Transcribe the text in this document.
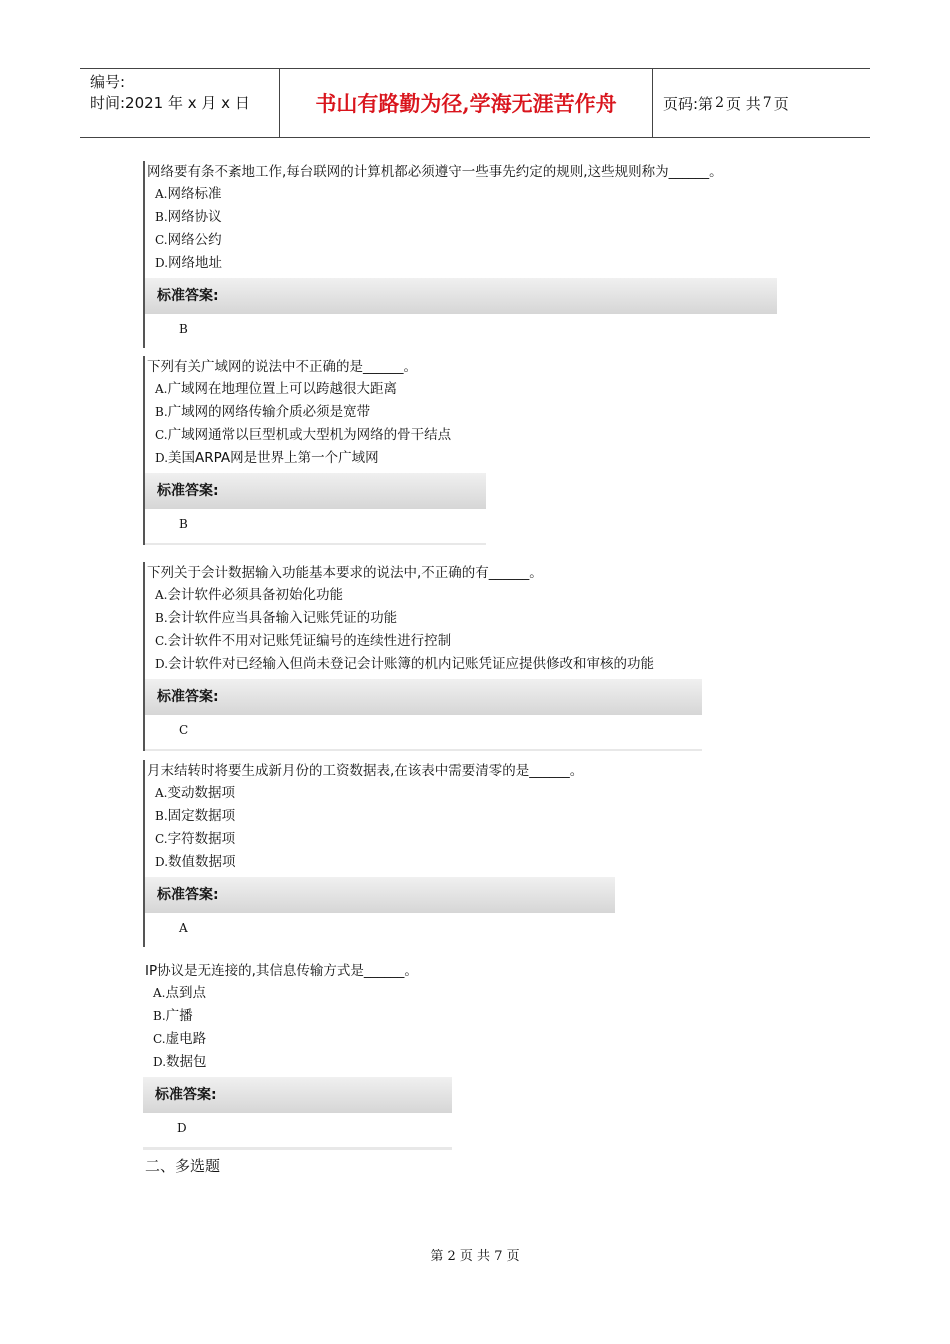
编号:
时间:2021 年 x 月 x 日	书山有路勤为径,学海无涯苦作舟	页码:第 2 页 共 7 页
网络要有条不紊地工作,每台联网的计算机都必须遵守一些事先约定的规则,这些规则称为______。
A.网络标准
B.网络协议
C.网络公约
D.网络地址
标准答案:
B
下列有关广域网的说法中不正确的是______。
A.广域网在地理位置上可以跨越很大距离
B.广域网的网络传输介质必须是宽带
C.广域网通常以巨型机或大型机为网络的骨干结点
D.美国ARPA网是世界上第一个广域网
标准答案:
B
下列关于会计数据输入功能基本要求的说法中,不正确的有______。
A.会计软件必须具备初始化功能
B.会计软件应当具备输入记账凭证的功能
C.会计软件不用对记账凭证编号的连续性进行控制
D.会计软件对已经输入但尚未登记会计账簿的机内记账凭证应提供修改和审核的功能
标准答案:
C
月末结转时将要生成新月份的工资数据表,在该表中需要清零的是______。
A.变动数据项
B.固定数据项
C.字符数据项
D.数值数据项
标准答案:
A
IP协议是无连接的,其信息传输方式是______。
A.点到点
B.广播
C.虚电路
D.数据包
标准答案:
D
二、多选题
第 2 页 共 7 页
